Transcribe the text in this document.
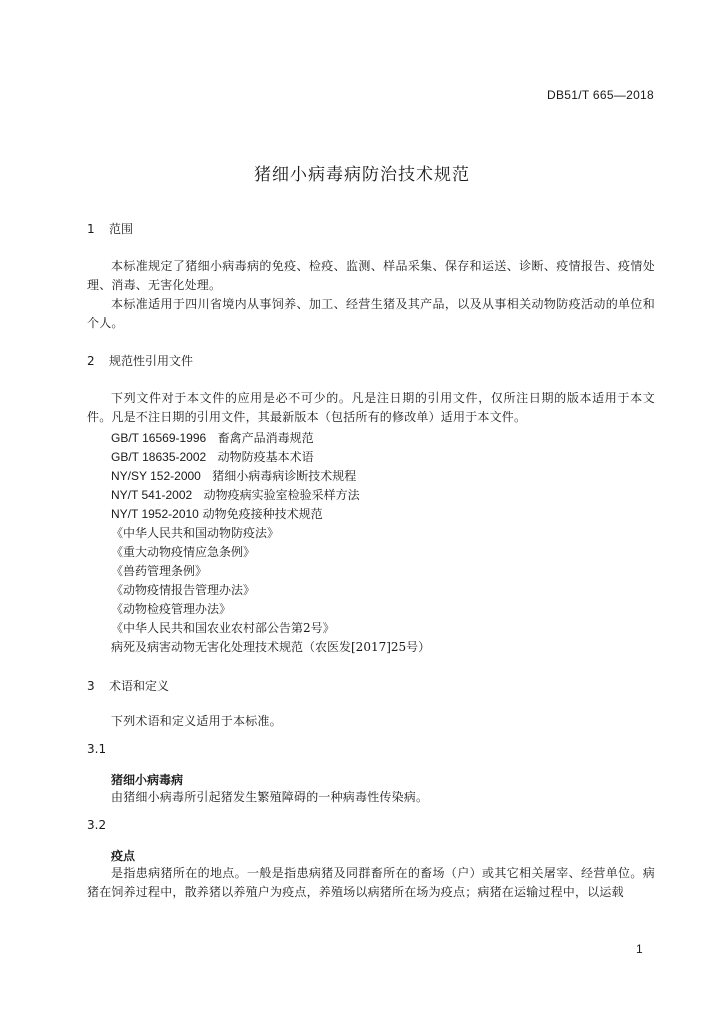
DB51/T 665—2018
猪细小病毒病防治技术规范
1 范围
本标准规定了猪细小病毒病的免疫、检疫、监测、样品采集、保存和运送、诊断、疫情报告、疫情处理、消毒、无害化处理。
本标准适用于四川省境内从事饲养、加工、经营生猪及其产品，以及从事相关动物防疫活动的单位和个人。
2 规范性引用文件
下列文件对于本文件的应用是必不可少的。凡是注日期的引用文件，仅所注日期的版本适用于本文件。凡是不注日期的引用文件，其最新版本（包括所有的修改单）适用于本文件。
GB/T 16569-1996 畜禽产品消毒规范
GB/T 18635-2002 动物防疫基本术语
NY/SY 152-2000 猪细小病毒病诊断技术规程
NY/T 541-2002 动物疫病实验室检验采样方法
NY/T 1952-2010 动物免疫接种技术规范
《中华人民共和国动物防疫法》
《重大动物疫情应急条例》
《兽药管理条例》
《动物疫情报告管理办法》
《动物检疫管理办法》
《中华人民共和国农业农村部公告第2号》
病死及病害动物无害化处理技术规范（农医发[2017]25号）
3 术语和定义
下列术语和定义适用于本标准。
3.1
猪细小病毒病
由猪细小病毒所引起猪发生繁殖障碍的一种病毒性传染病。
3.2
疫点
是指患病猪所在的地点。一般是指患病猪及同群畜所在的畜场（户）或其它相关屠宰、经营单位。病猪在饲养过程中，散养猪以养殖户为疫点，养殖场以病猪所在场为疫点；病猪在运输过程中，以运载
1
